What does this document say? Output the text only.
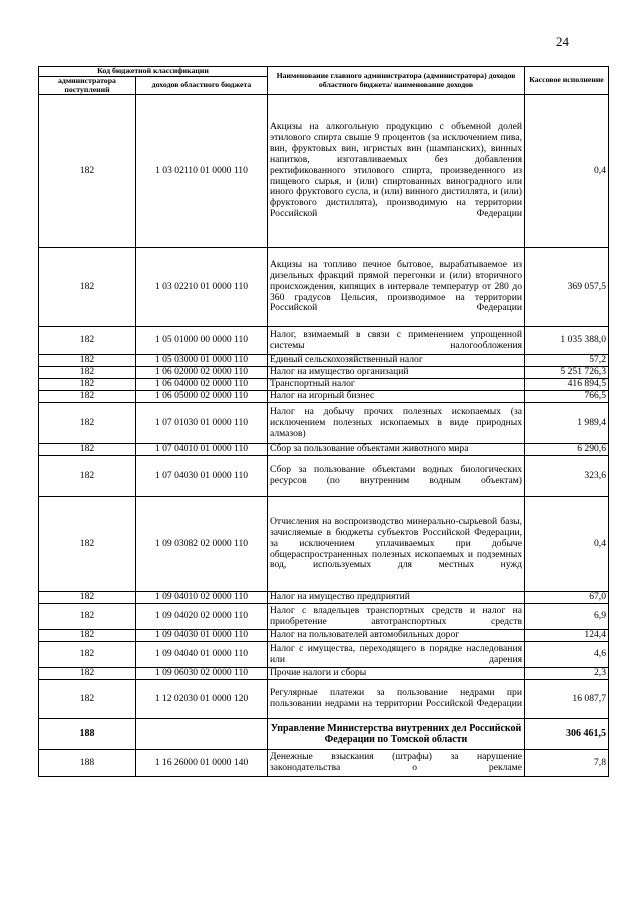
24
Код бюджетной классификации		Наименование главного администратора (администратора) доходов областного бюджета/ наименование доходов	Кассовое исполнение
администратора поступлений	доходов областного бюджета		
182	1 03 02110 01 0000 110	Акцизы на алкогольную продукцию с объемной долей этилового спирта свыше 9 процентов (за исключением пива, вин, фруктовых вин, игристых вин (шампанских), винных напитков, изготавливаемых без добавления ректификованного этилового спирта, произведенного из пищевого сырья, и (или) спиртованных виноградного или иного фруктового сусла, и (или) винного дистиллята, и (или) фруктового дистиллята), производимую на территории Российской Федерации	0,4
182	1 03 02210 01 0000 110	Акцизы на топливо печное бытовое, вырабатываемое из дизельных фракций прямой перегонки и (или) вторичного происхождения, кипящих в интервале температур от 280 до 360 градусов Цельсия, производимое на территории Российской Федерации	369 057,5
182	1 05 01000 00 0000 110	Налог, взимаемый в связи с применением упрощенной системы налогообложения	1 035 388,0
182	1 05 03000 01 0000 110	Единый сельскохозяйственный налог	57,2
182	1 06 02000 02 0000 110	Налог на имущество организаций	5 251 726,3
182	1 06 04000 02 0000 110	Транспортный налог	416 894,5
182	1 06 05000 02 0000 110	Налог на игорный бизнес	766,5
182	1 07 01030 01 0000 110	Налог на добычу прочих полезных ископаемых (за исключением полезных ископаемых в виде природных алмазов)	1 989,4
182	1 07 04010 01 0000 110	Сбор за пользование объектами животного мира	6 290,6
182	1 07 04030 01 0000 110	Сбор за пользование объектами водных биологических ресурсов (по внутренним водным объектам)	323,6
182	1 09 03082 02 0000 110	Отчисления на воспроизводство минерально-сырьевой базы, зачисляемые в бюджеты субъектов Российской Федерации, за исключением уплачиваемых при добыче общераспространенных полезных ископаемых и подземных вод, используемых для местных нужд	0,4
182	1 09 04010 02 0000 110	Налог на имущество предприятий	67,0
182	1 09 04020 02 0000 110	Налог с владельцев транспортных средств и налог на приобретение автотранспортных средств	6,9
182	1 09 04030 01 0000 110	Налог на пользователей автомобильных дорог	124,4
182	1 09 04040 01 0000 110	Налог с имущества, переходящего в порядке наследования или дарения	4,6
182	1 09 06030 02 0000 110	Прочие налоги и сборы	2,3
182	1 12 02030 01 0000 120	Регулярные платежи за пользование недрами при пользовании недрами на территории Российской Федерации	16 087,7
188		Управление Министерства внутренних дел Российской Федерации по Томской области	306 461,5
188	1 16 26000 01 0000 140	Денежные взыскания (штрафы) за нарушение законодательства о рекламе	7,8
